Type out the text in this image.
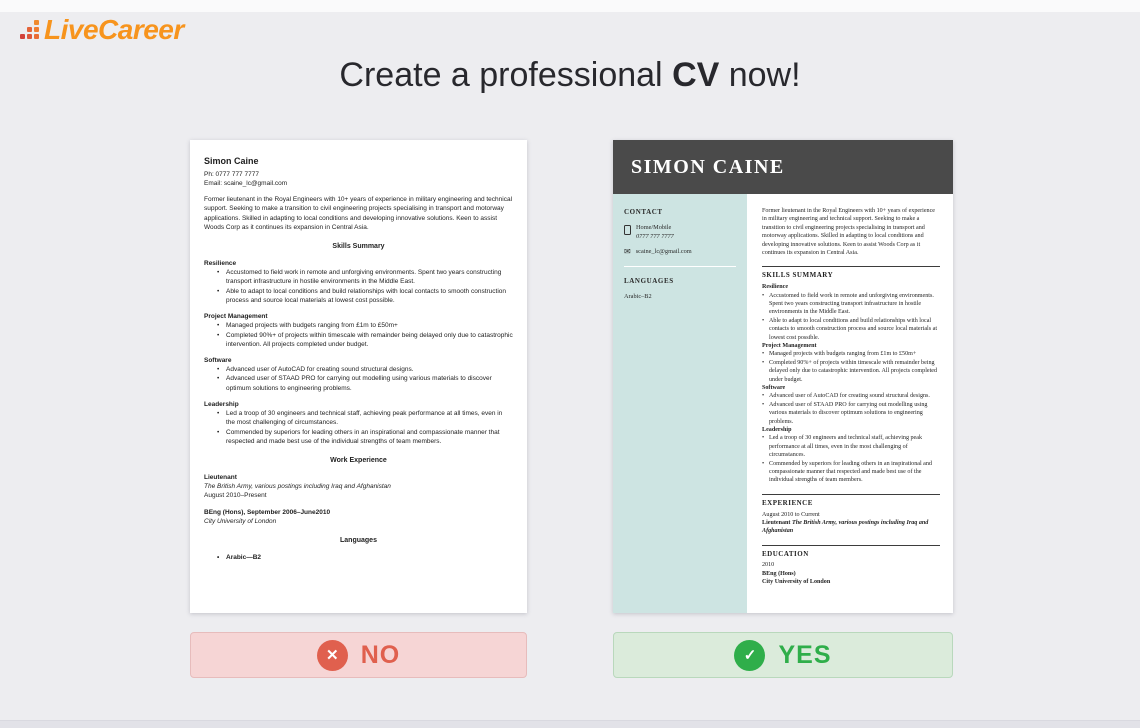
LiveCareer
Create a professional CV now!
Simon Caine
Ph: 0777 777 7777
Email: scaine_lc@gmail.com
Former lieutenant in the Royal Engineers with 10+ years of experience in military engineering and technical support. Seeking to make a transition to civil engineering projects specialising in transport and motorway applications. Skilled in adapting to local conditions and developing innovative solutions. Keen to assist Woods Corp as it continues its expansion in Central Asia.
Skills Summary
Resilience
• Accustomed to field work in remote and unforgiving environments. Spent two years constructing transport infrastructure in hostile environments in the Middle East.
• Able to adapt to local conditions and build relationships with local contacts to smooth construction process and source local materials at lowest cost possible.
Project Management
• Managed projects with budgets ranging from £1m to £50m+
• Completed 90%+ of projects within timescale with remainder being delayed only due to catastrophic intervention. All projects completed under budget.
Software
• Advanced user of AutoCAD for creating sound structural designs.
• Advanced user of STAAD PRO for carrying out modelling using various materials to discover optimum solutions to engineering problems.
Leadership
• Led a troop of 30 engineers and technical staff, achieving peak performance at all times, even in the most challenging of circumstances.
• Commended by superiors for leading others in an inspirational and compassionate manner that respected and made best use of the individual strengths of team members.
Work Experience
Lieutenant
The British Army, various postings including Iraq and Afghanistan
August 2010–Present
BEng (Hons), September 2006–June2010
City University of London
Languages
• Arabic—B2
SIMON CAINE
CONTACT
Home/Mobile
0777 777 7777
✉ scaine_lc@gmail.com
LANGUAGES
Arabic–B2
Former lieutenant in the Royal Engineers with 10+ years of experience in military engineering and technical support. Seeking to make a transition to civil engineering projects specialising in transport and motorway applications. Skilled in adapting to local conditions and developing innovative solutions. Keen to assist Woods Corp as it continues its expansion in Central Asia.
SKILLS SUMMARY
Resilience
• Accustomed to field work in remote and unforgiving environments. Spent two years constructing transport infrastructure in hostile environments in the Middle East.
• Able to adapt to local conditions and build relationships with local contacts to smooth construction process and source local materials at lowest cost possible.
Project Management
• Managed projects with budgets ranging from £1m to £50m+
• Completed 90%+ of projects within timescale with remainder being delayed only due to catastrophic intervention. All projects completed under budget.
Software
• Advanced user of AutoCAD for creating sound structural designs.
• Advanced user of STAAD PRO for carrying out modelling using various materials to discover optimum solutions to engineering problems.
Leadership
• Led a troop of 30 engineers and technical staff, achieving peak performance at all times, even in the most challenging of circumstances.
• Commended by superiors for leading others in an inspirational and compassionate manner that respected and made best use of the individual strengths of team members.
EXPERIENCE
August 2010 to Current
Lieutenant The British Army, various postings including Iraq and Afghanistan
EDUCATION
2010
BEng (Hons)
City University of London
✕ NO	✓ YES
